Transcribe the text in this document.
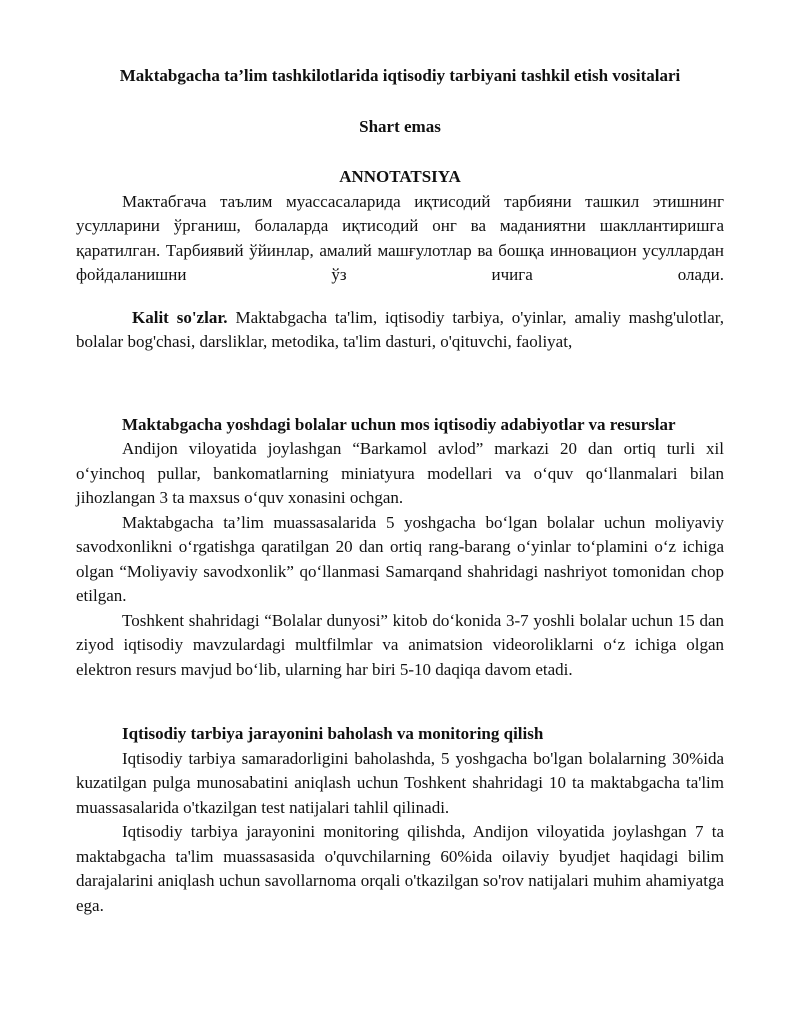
Maktabgacha ta’lim tashkilotlarida iqtisodiy tarbiyani tashkil etish vositalari

Shart emas

ANNOTATSIYA

Мактабгача таълим муассасаларида иқтисодий тарбияни ташкил этишнинг усулларини ўрганиш, болаларда иқтисодий онг ва маданиятни шакллантиришга қаратилган. Тарбиявий ўйинлар, амалий машғулотлар ва бошқа инновацион усуллардан фойдаланишни ўз ичига олади.

Kalit so'zlar. Maktabgacha ta'lim, iqtisodiy tarbiya, o'yinlar, amaliy mashg'ulotlar, bolalar bog'chasi, darsliklar, metodika, ta'lim dasturi, o'qituvchi, faoliyat,

Maktabgacha yoshdagi bolalar uchun mos iqtisodiy adabiyotlar va resurslar

Andijon viloyatida joylashgan “Barkamol avlod” markazi 20 dan ortiq turli xil o‘yinchoq pullar, bankomatlarning miniatyura modellari va o‘quv qo‘llanmalari bilan jihozlangan 3 ta maxsus o‘quv xonasini ochgan.

Maktabgacha ta’lim muassasalarida 5 yoshgacha bo‘lgan bolalar uchun moliyaviy savodxonlikni o‘rgatishga qaratilgan 20 dan ortiq rang-barang o‘yinlar to‘plamini o‘z ichiga olgan “Moliyaviy savodxonlik” qo‘llanmasi Samarqand shahridagi nashriyot tomonidan chop etilgan.

Toshkent shahridagi “Bolalar dunyosi” kitob do‘konida 3-7 yoshli bolalar uchun 15 dan ziyod iqtisodiy mavzulardagi multfilmlar va animatsion videoroliklarni o‘z ichiga olgan elektron resurs mavjud bo‘lib, ularning har biri 5-10 daqiqa davom etadi.

Iqtisodiy tarbiya jarayonini baholash va monitoring qilish

Iqtisodiy tarbiya samaradorligini baholashda, 5 yoshgacha bo'lgan bolalarning 30%ida kuzatilgan pulga munosabatini aniqlash uchun Toshkent shahridagi 10 ta maktabgacha ta'lim muassasalarida o'tkazilgan test natijalari tahlil qilinadi.

Iqtisodiy tarbiya jarayonini monitoring qilishda, Andijon viloyatida joylashgan 7 ta maktabgacha ta'lim muassasasida o'quvchilarning 60%ida oilaviy byudjet haqidagi bilim darajalarini aniqlash uchun savollarnoma orqali o'tkazilgan so'rov natijalari muhim ahamiyatga ega.
